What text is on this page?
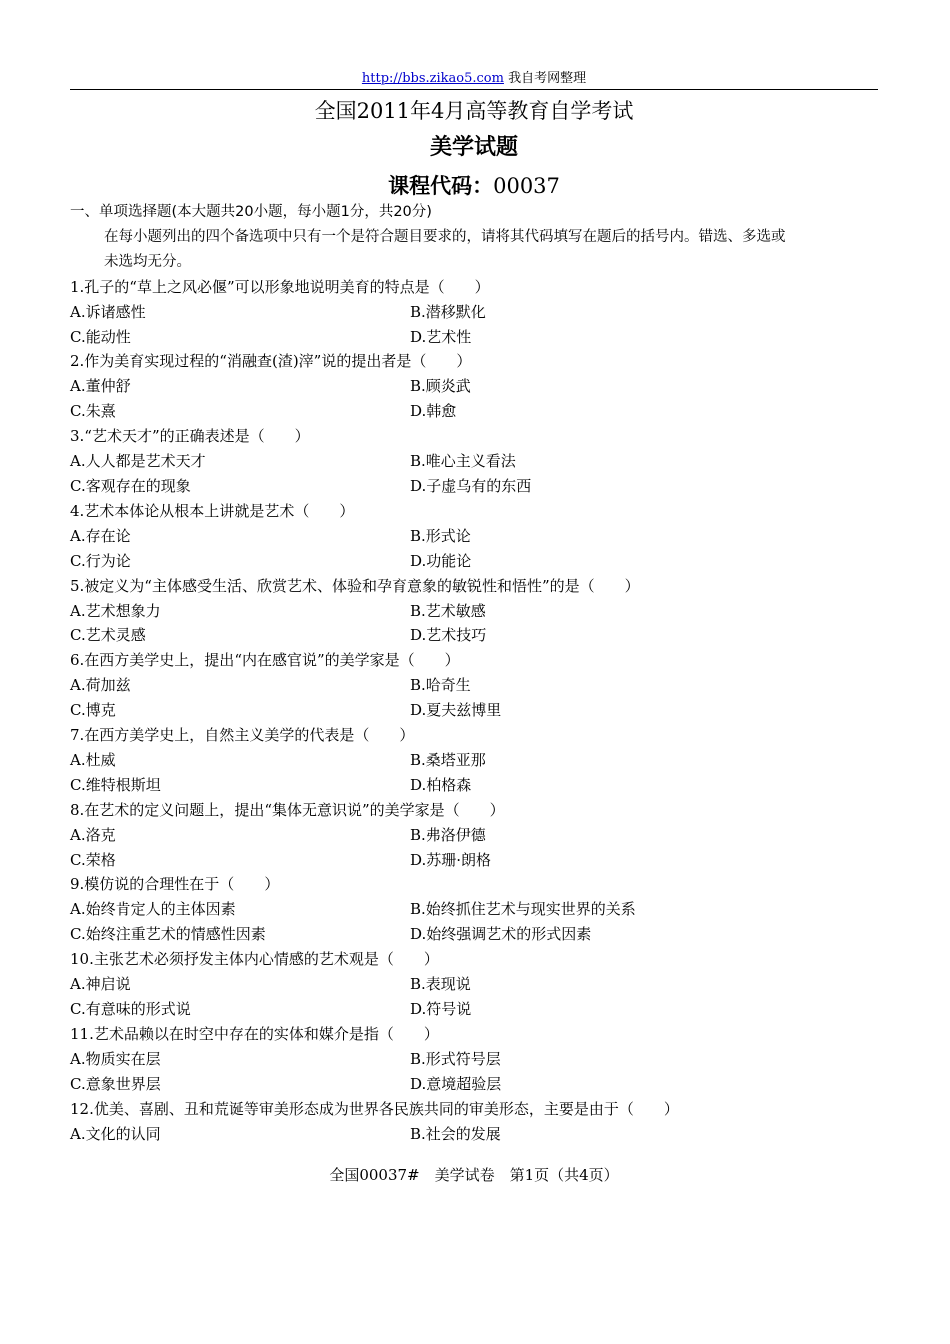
http://bbs.zikao5.com 我自考网整理
全国2011年4月高等教育自学考试
美学试题
课程代码：00037
一、单项选择题(本大题共20小题，每小题1分，共20分)
在每小题列出的四个备选项中只有一个是符合题目要求的，请将其代码填写在题后的括号内。错选、多选或
未选均无分。
1.孔子的“草上之风必偃”可以形象地说明美育的特点是（　　）
A.诉诸感性	B.潜移默化
C.能动性	D.艺术性
2.作为美育实现过程的“消融查(渣)滓”说的提出者是（　　）
A.董仲舒	B.顾炎武
C.朱熹	D.韩愈
3.“艺术天才”的正确表述是（　　）
A.人人都是艺术天才	B.唯心主义看法
C.客观存在的现象	D.子虚乌有的东西
4.艺术本体论从根本上讲就是艺术（　　）
A.存在论	B.形式论
C.行为论	D.功能论
5.被定义为“主体感受生活、欣赏艺术、体验和孕育意象的敏锐性和悟性”的是（　　）
A.艺术想象力	B.艺术敏感
C.艺术灵感	D.艺术技巧
6.在西方美学史上，提出“内在感官说”的美学家是（　　）
A.荷加兹	B.哈奇生
C.博克	D.夏夫兹博里
7.在西方美学史上，自然主义美学的代表是（　　）
A.杜威	B.桑塔亚那
C.维特根斯坦	D.柏格森
8.在艺术的定义问题上，提出“集体无意识说”的美学家是（　　）
A.洛克	B.弗洛伊德
C.荣格	D.苏珊·朗格
9.模仿说的合理性在于（　　）
A.始终肯定人的主体因素	B.始终抓住艺术与现实世界的关系
C.始终注重艺术的情感性因素	D.始终强调艺术的形式因素
10.主张艺术必须抒发主体内心情感的艺术观是（　　）
A.神启说	B.表现说
C.有意味的形式说	D.符号说
11.艺术品赖以在时空中存在的实体和媒介是指（　　）
A.物质实在层	B.形式符号层
C.意象世界层	D.意境超验层
12.优美、喜剧、丑和荒诞等审美形态成为世界各民族共同的审美形态，主要是由于（　　）
A.文化的认同	B.社会的发展
全国00037#　美学试卷　第1页（共4页）
